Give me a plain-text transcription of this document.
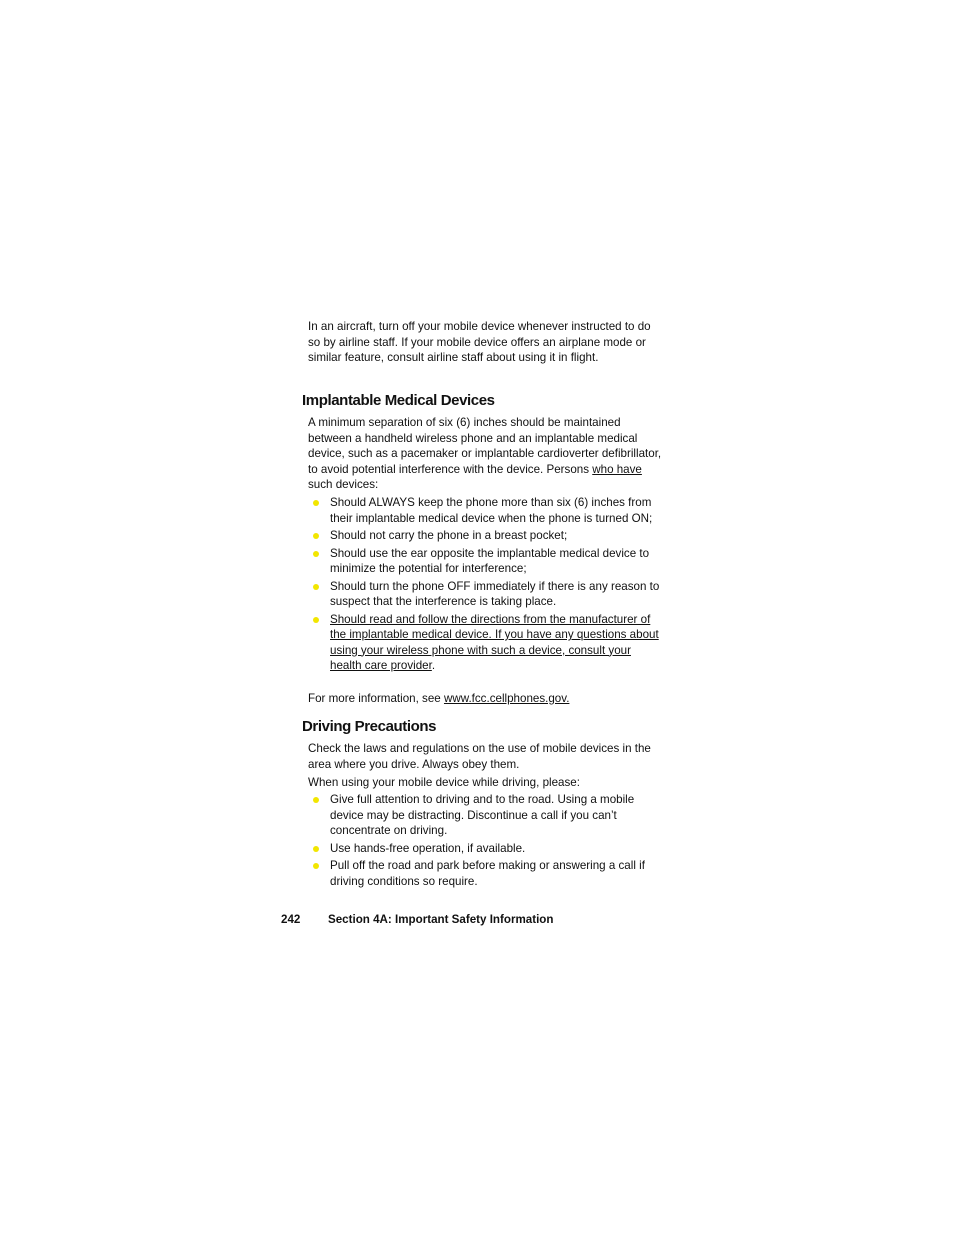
In an aircraft, turn off your mobile device whenever instructed to do so by airline staff. If your mobile device offers an airplane mode or similar feature, consult airline staff about using it in flight.

Implantable Medical Devices

A minimum separation of six (6) inches should be maintained between a handheld wireless phone and an implantable medical device, such as a pacemaker or implantable cardioverter defibrillator, to avoid potential interference with the device. Persons who have such devices:

Should ALWAYS keep the phone more than six (6) inches from their implantable medical device when the phone is turned ON;
Should not carry the phone in a breast pocket;
Should use the ear opposite the implantable medical device to minimize the potential for interference;
Should turn the phone OFF immediately if there is any reason to suspect that the interference is taking place.
Should read and follow the directions from the manufacturer of the implantable medical device. If you have any questions about using your wireless phone with such a device, consult your health care provider.

For more information, see www.fcc.cellphones.gov.

Driving Precautions

Check the laws and regulations on the use of mobile devices in the area where you drive. Always obey them.

When using your mobile device while driving, please:

Give full attention to driving and to the road. Using a mobile device may be distracting. Discontinue a call if you can’t concentrate on driving.
Use hands-free operation, if available.
Pull off the road and park before making or answering a call if driving conditions so require.
242 Section 4A: Important Safety Information
